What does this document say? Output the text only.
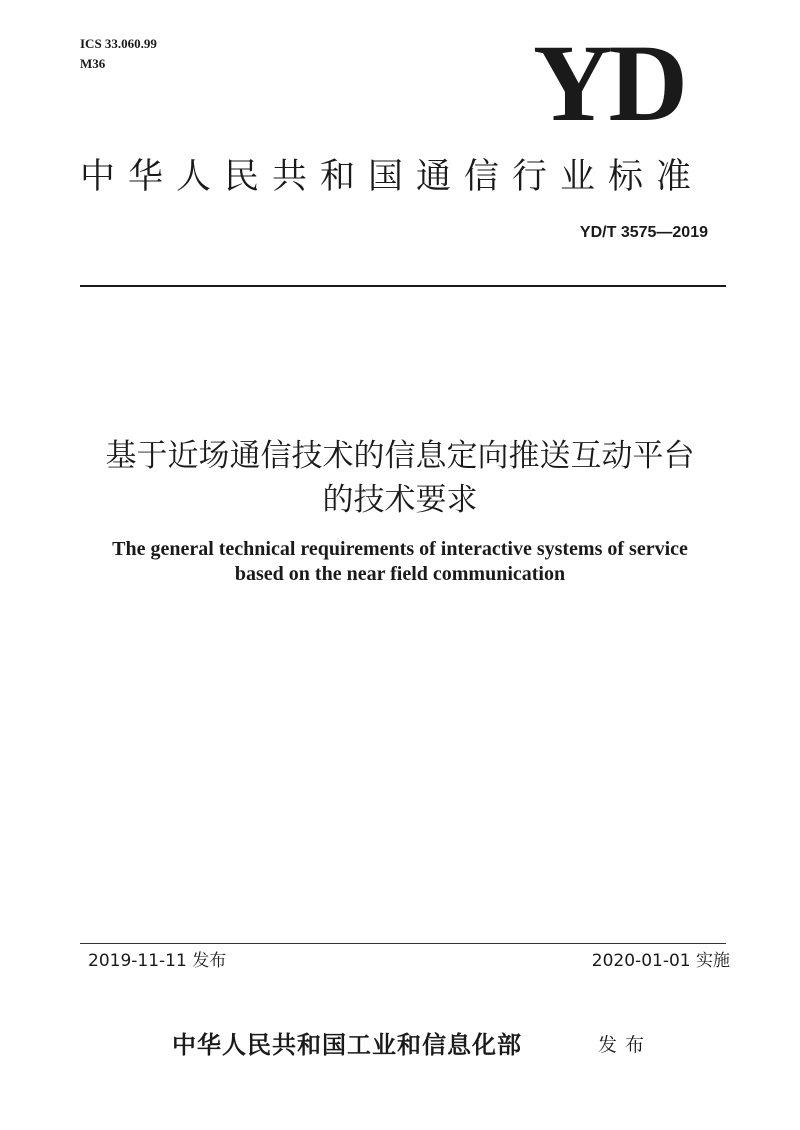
ICS 33.060.99
M36	YD
中华人民共和国通信行业标准
YD/T 3575—2019
基于近场通信技术的信息定向推送互动平台
的技术要求
The general technical requirements of interactive systems of service
based on the near field communication
2019-11-11 发布	2020-01-01 实施
中华人民共和国工业和信息化部	发布
